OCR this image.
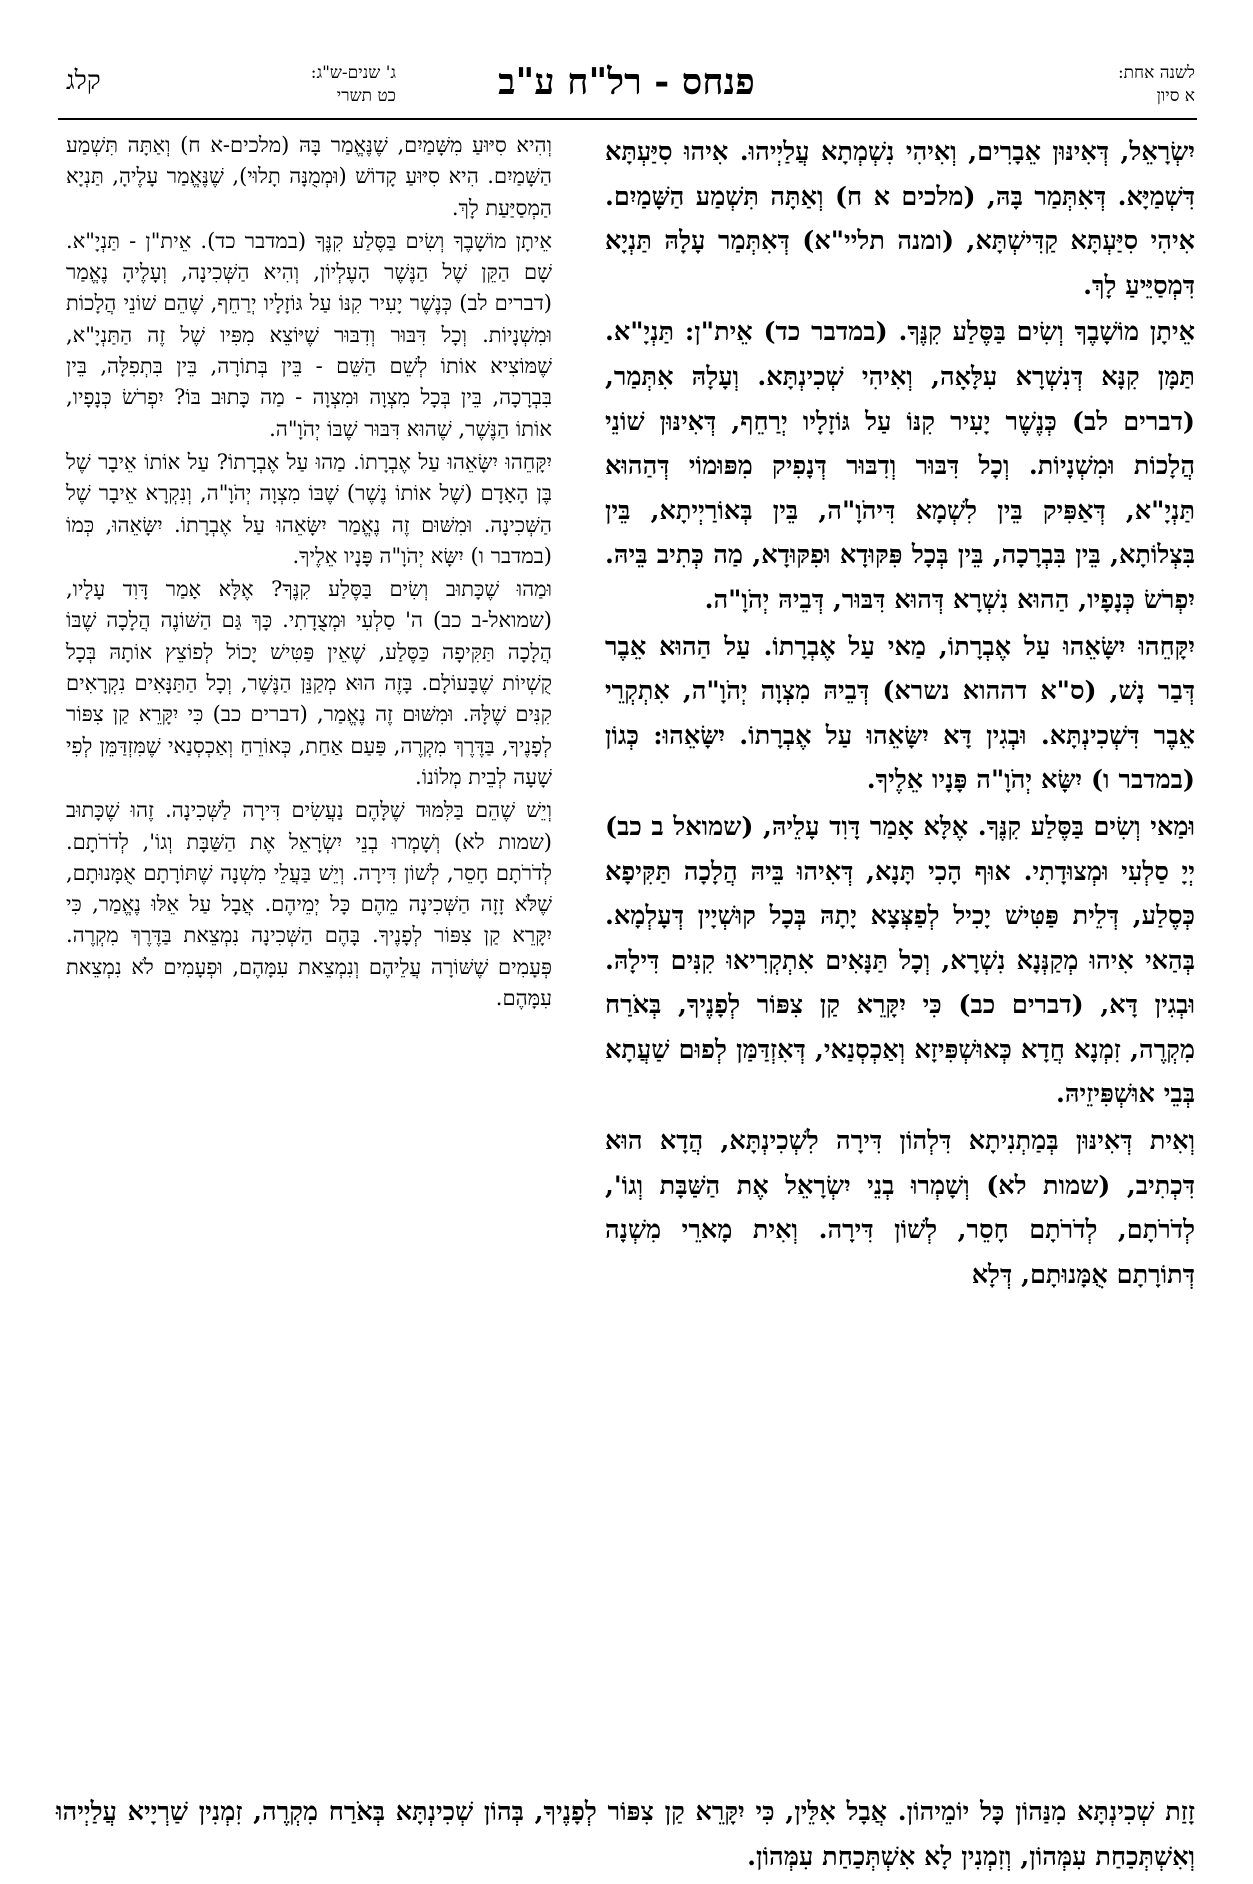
לשנה אחת:
א סיון
פנחס - רל"ח ע"ב
ג' שנים-ש"ג:
כט תשרי
קלג

יִשְׂרָאֵל, דְּאִינּוּן אֵבָרִים, וְאִיהִי נִשְׁמְתָא עֲלַיְיהוּ. אִיהוּ סִיַּעְתָּא דִּשְׁמַיָּא. דְּאִתְּמַר בָּהּ, (מלכים א ח) וְאַתָּה תִּשְׁמַע הַשָּׁמַיִם. אִיהִי סִיַּעְתָּא קַדִּישְׁתָּא, (ומנה תליי"א) דְּאִתְּמַר עָלָהּ תַּנְיָא דִּמְסַיֵּיעַ לָךְ.

אֵיתָן מוֹשָׁבֶךָ וְשִׂים בַּסֶּלַע קִנֶּךָ. (במדבר כד) אֵית"ן: תַּנְיָ"א. תַּמָּן קִנָּא דְּנִשְׁרָא עִלָּאָה, וְאִיהִי שְׁכִינְתָּא. וְעָלָהּ אִתְּמַר, (דברים לב) כְּנֶשֶׁר יָעִיר קִנּוֹ עַל גּוֹזָלָיו יְרַחֵף, דְּאִינּוּן שׁוֹנֵי הֲלָכוֹת וּמִשְׁנָיוֹת. וְכָל דִּבּוּר וְדִבּוּר דְּנָפִיק מִפּוּמוֹי דְּהַהוּא תַּנְיָ"א, דְּאַפִּיק בֵּין לִשְׁמָא דִּיהֹוָ"ה, בֵּין בְּאוֹרַיְיתָא, בֵּין בִּצְלוֹתָא, בֵּין בִּבְרָכָה, בֵּין בְּכָל פִּקּוּדָא וּפִקּוּדָא, מַה כְּתִיב בֵּיהּ. יִפְרֹשׂ כְּנָפָיו, הַהוּא נִשְׁרָא דְּהוּא דִּבּוּר, דְּבֵיהּ יְהֹוָ"ה.

יִקָּחֵהוּ יִשָּׂאֵהוּ עַל אֶבְרָתוֹ, מַאי עַל אֶבְרָתוֹ. עַל הַהוּא אֵבֶר דְּבַר נָשׁ, (ס"א דההוא נשרא) דְּבֵיהּ מִצְוָה יְהֹוָ"ה, אִתְקְרֵי אֵבֶר דִּשְׁכִינְתָּא. וּבְגִין דָּא יִשָּׂאֵהוּ עַל אֶבְרָתוֹ. יִשָּׂאֵהוּ: כְּגוֹן (במדבר ו) יִשָּׂא יְהֹוָ"ה פָּנָיו אֵלֶיךָ.

וּמַאי וְשִׂים בַּסֶּלַע קִנֶּךָ. אֶלָּא אָמַר דָּוִד עָלֵיהּ, (שמואל ב כב) יְיָ סַלְעִי וּמְצוּדָתִי. אוּף הָכִי תָּנָא, דְּאִיהוּ בֵּיהּ הֲלָכָה תַּקִּיפָא כְּסֶלַע, דְּלֵית פַּטִּישׁ יָכִיל לְפַצְּצָא יָתָהּ בְּכָל קוּשְׁיָין דְּעָלְמָא. בְּהַאי אִיהוּ מְקַנְּנָא נִשְׁרָא, וְכָל תַּנָּאִים אִתְקְרִיאוּ קִנִּים דִּילָהּ. וּבְגִין דָּא, (דברים כב) כִּי יִקָּרֵא קַן צִפּוֹר לְפָנֶיךָ, בְּאֹרַח מִקְרֶה, זִמְנָא חֲדָא כְּאוּשְׁפִּיזָא וְאַכְסְנַאי, דְּאִזְדַּמַּן לְפוּם שַׁעֲתָא בְּבֵי אוּשְׁפִּיזֵיהּ.

וְאִית דְּאִינּוּן בְּמַתְנִיתָא דִּלְהוֹן דִּירָה לִשְׁכִינְתָּא, הֲדָא הוּא דִּכְתִיב, (שמות לא) וְשָׁמְרוּ בְנֵי יִשְׂרָאֵל אֶת הַשַּׁבָּת וְגוֹ', לְדֹרֹתָם, לְדֹרֹתָם חָסֵר, לְשׁוֹן דִּירָה. וְאִית מָארֵי מִשְׁנָה דְּתוֹרָתָם אֻמָּנוּתָם, דְּלָא

וְהִיא סִיּוּעַ מִשָּׁמַיִם, שֶׁנֶּאֱמַר בָּהּ (מלכים-א ח) וְאַתָּה תִּשְׁמַע הַשָּׁמַיִם. הִיא סִיּוּעַ קָדוֹשׁ (וּמְמֻנָּה תָלוּי), שֶׁנֶּאֱמַר עָלֶיהָ, תַּנְיָא הַמְסַיַּעַת לָךְ.

אֵיתָן מוֹשָׁבֶךָ וְשִׂים בַּסֶּלַע קִנֶּךָ (במדבר כד). אֵית"ן - תַּנְיָ"א. שָׁם הַקֵּן שֶׁל הַנֶּשֶׁר הָעֶלְיוֹן, וְהִיא הַשְּׁכִינָה, וְעָלֶיהָ נֶאֱמַר (דברים לב) כְּנֶשֶׁר יָעִיר קִנּוֹ עַל גּוֹזָלָיו יְרַחֵף, שֶׁהֵם שׁוֹנֵי הֲלָכוֹת וּמִשְׁנָיוֹת. וְכָל דִּבּוּר וְדִבּוּר שֶׁיּוֹצֵא מִפִּיו שֶׁל זֶה הַתַּנְיָ"א, שֶׁמּוֹצִיא אוֹתוֹ לְשֵׁם הַשֵּׁם - בֵּין בְּתוֹרָה, בֵּין בִּתְפִלָּה, בֵּין בִּבְרָכָה, בֵּין בְּכָל מִצְוָה וּמִצְוָה - מַה כָּתוּב בּוֹ? יִפְרֹשׂ כְּנָפָיו, אוֹתוֹ הַנֶּשֶׁר, שֶׁהוּא דִּבּוּר שֶׁבּוֹ יְהֹוָ"ה.

יִקָּחֵהוּ יִשָּׂאֵהוּ עַל אֶבְרָתוֹ. מַהוּ עַל אֶבְרָתוֹ? עַל אוֹתוֹ אֵיבָר שֶׁל בֶּן הָאָדָם (שֶׁל אוֹתוֹ נֶשֶׁר) שֶׁבּוֹ מִצְוָה יְהֹוָ"ה, וְנִקְרָא אֵיבָר שֶׁל הַשְּׁכִינָה. וּמִשּׁוּם זֶה נֶאֱמַר יִשָּׂאֵהוּ עַל אֶבְרָתוֹ. יִשָּׂאֵהוּ, כְּמוֹ (במדבר ו) יִשָּׂא יְהֹוָ"ה פָּנָיו אֵלֶיךָ.

וּמַהוּ שֶׁכָּתוּב וְשִׂים בַּסֶּלַע קִנֶּךָ? אֶלָּא אָמַר דָּוִד עָלָיו, (שמואל-ב כב) ה' סַלְעִי וּמְצֻדָתִי. כָּךְ גַּם הַשּׁוֹנֶה הֲלָכָה שֶׁבּוֹ הֲלָכָה תַּקִּיפָה כַּסֶּלַע, שֶׁאֵין פַּטִּישׁ יָכוֹל לְפוֹצֵץ אוֹתָהּ בְּכָל קֻשְׁיוֹת שֶׁבָּעוֹלָם. בָּזֶה הוּא מְקַנֵּן הַנֶּשֶׁר, וְכָל הַתַּנָּאִים נִקְרָאִים קִנִּים שֶׁלָּהּ. וּמִשּׁוּם זֶה נֶאֱמַר, (דברים כב) כִּי יִקָּרֵא קַן צִפּוֹר לְפָנֶיךָ, בַּדֶּרֶךְ מִקְרֶה, פַּעַם אַחַת, כְּאוֹרֵחַ וְאַכְסְנַאי שֶׁמִּזְדַּמֵּן לְפִי שָׁעָה לְבֵית מְלוֹנוֹ.

וְיֵשׁ שֶׁהֵם בַּלִּמּוּד שֶׁלָּהֶם נַעֲשִׂים דִּירָה לַשְּׁכִינָה. זֶהוּ שֶׁכָּתוּב (שמות לא) וְשָׁמְרוּ בְנֵי יִשְׂרָאֵל אֶת הַשַּׁבָּת וְגוֹ', לְדֹרֹתָם. לְדֹרֹתָם חָסֵר, לְשׁוֹן דִּירָה. וְיֵשׁ בַּעֲלֵי מִשְׁנָה שֶׁתּוֹרָתָם אֻמָּנוּתָם, שֶׁלֹּא זָזָה הַשְּׁכִינָה מֵהֶם כָּל יְמֵיהֶם. אֲבָל עַל אֵלּוּ נֶאֱמַר, כִּי יִקָּרֵא קַן צִפּוֹר לְפָנֶיךָ. בָּהֶם הַשְּׁכִינָה נִמְצֵאת בַּדֶּרֶךְ מִקְרֶה. פְּעָמִים שֶׁשּׁוֹרָה עֲלֵיהֶם וְנִמְצֵאת עִמָּהֶם, וּפְעָמִים לֹא נִמְצֵאת עִמָּהֶם.

זָזַת שְׁכִינְתָּא מִנַּהוֹן כָּל יוֹמֵיהוֹן. אֲבָל אִלֵּין, כִּי יִקָּרֵא קַן צִפּוֹר לְפָנֶיךָ, בְּהוֹן שְׁכִינְתָּא בְּאֹרַח מִקְרֶה, זִמְנִין שַׁרְיָיא עֲלַיְיהוּ וְאִשְׁתְּכַחַת עִמְּהוֹן, וְזִמְנִין לָא אִשְׁתְּכַחַת עִמְּהוֹן.
